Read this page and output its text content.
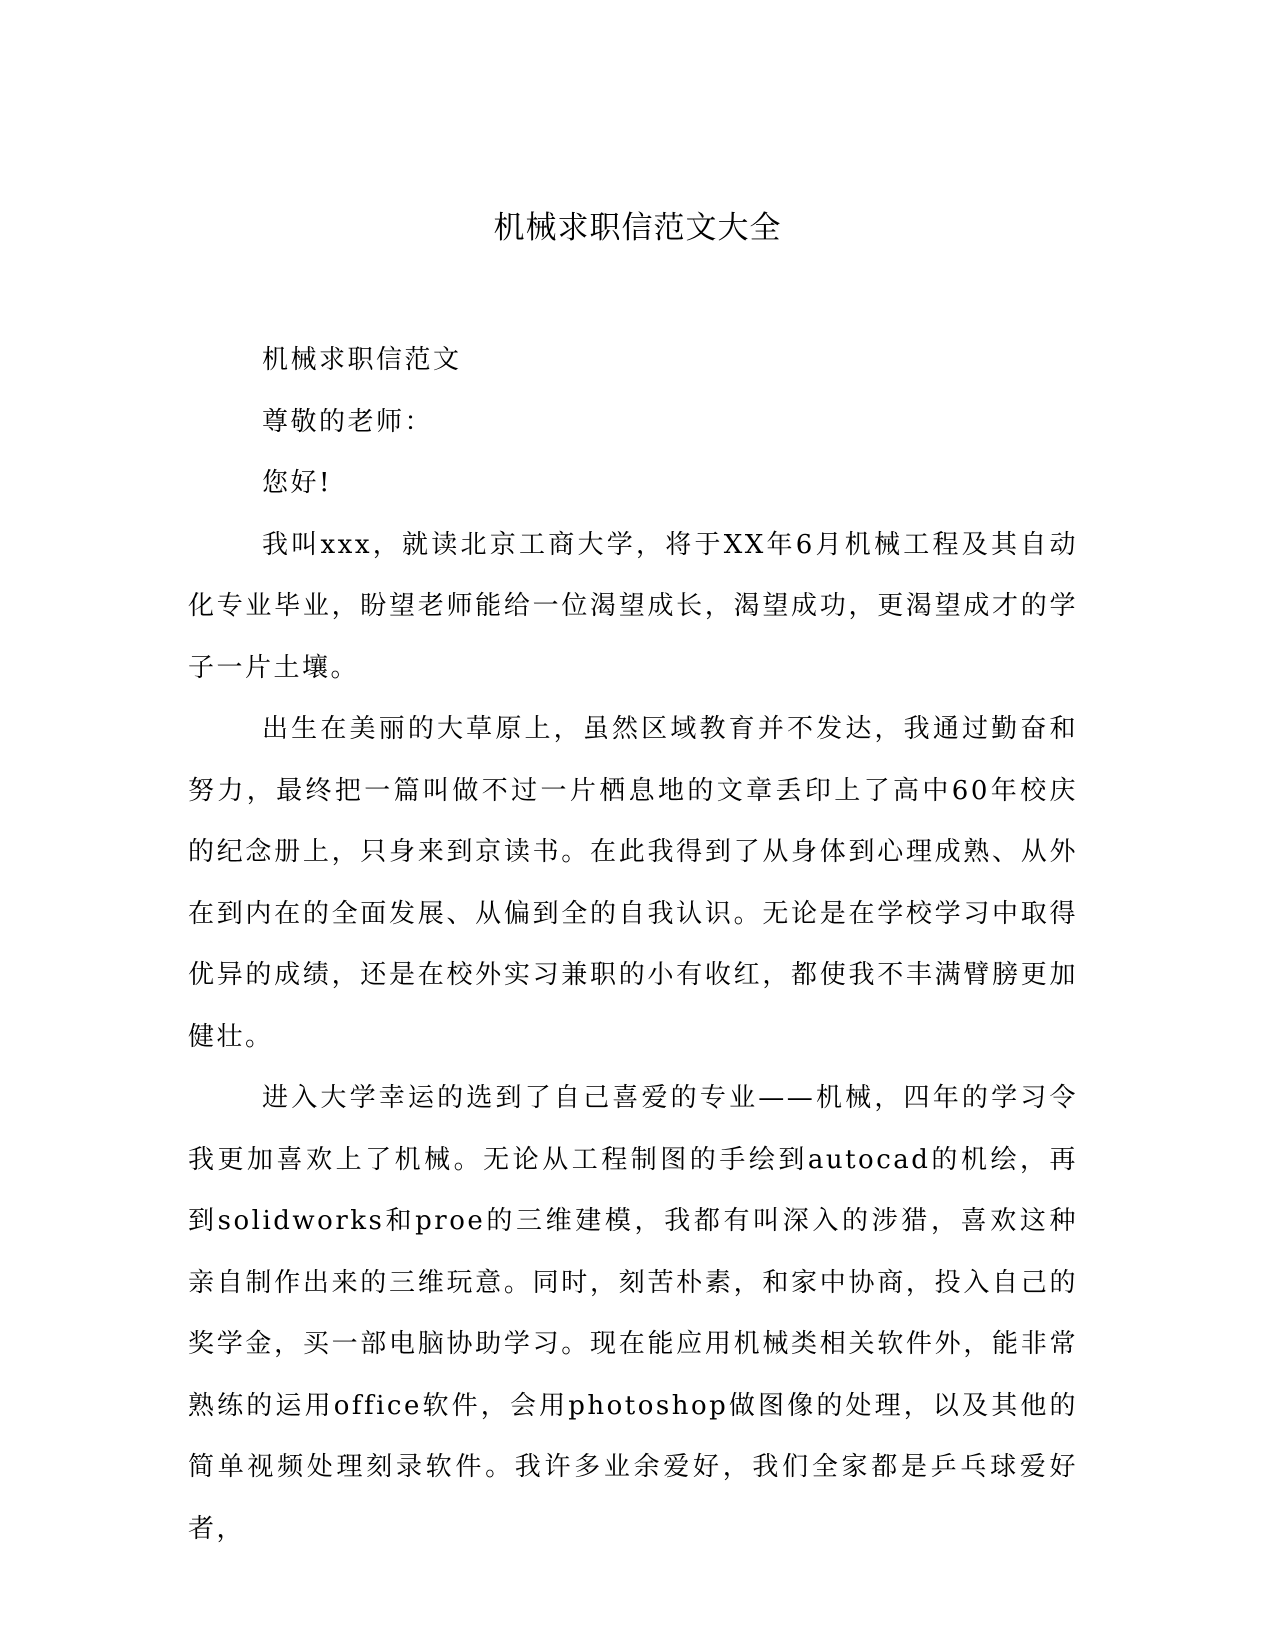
机械求职信范文大全

机械求职信范文

尊敬的老师：

您好!

我叫xxx，就读北京工商大学，将于XX年6月机械工程及其自动化专业毕业，盼望老师能给一位渴望成长，渴望成功，更渴望成才的学子一片土壤。

出生在美丽的大草原上，虽然区域教育并不发达，我通过勤奋和努力，最终把一篇叫做不过一片栖息地的文章丢印上了高中60年校庆的纪念册上，只身来到京读书。在此我得到了从身体到心理成熟、从外在到内在的全面发展、从偏到全的自我认识。无论是在学校学习中取得优异的成绩，还是在校外实习兼职的小有收红，都使我不丰满臂膀更加健壮。

进入大学幸运的选到了自己喜爱的专业——机械，四年的学习令我更加喜欢上了机械。无论从工程制图的手绘到autocad的机绘，再到solidworks和proe的三维建模，我都有叫深入的涉猎，喜欢这种亲自制作出来的三维玩意。同时，刻苦朴素，和家中协商，投入自己的奖学金，买一部电脑协助学习。现在能应用机械类相关软件外，能非常熟练的运用office软件，会用photoshop做图像的处理，以及其他的简单视频处理刻录软件。我许多业余爱好，我们全家都是乒乓球爱好者，
